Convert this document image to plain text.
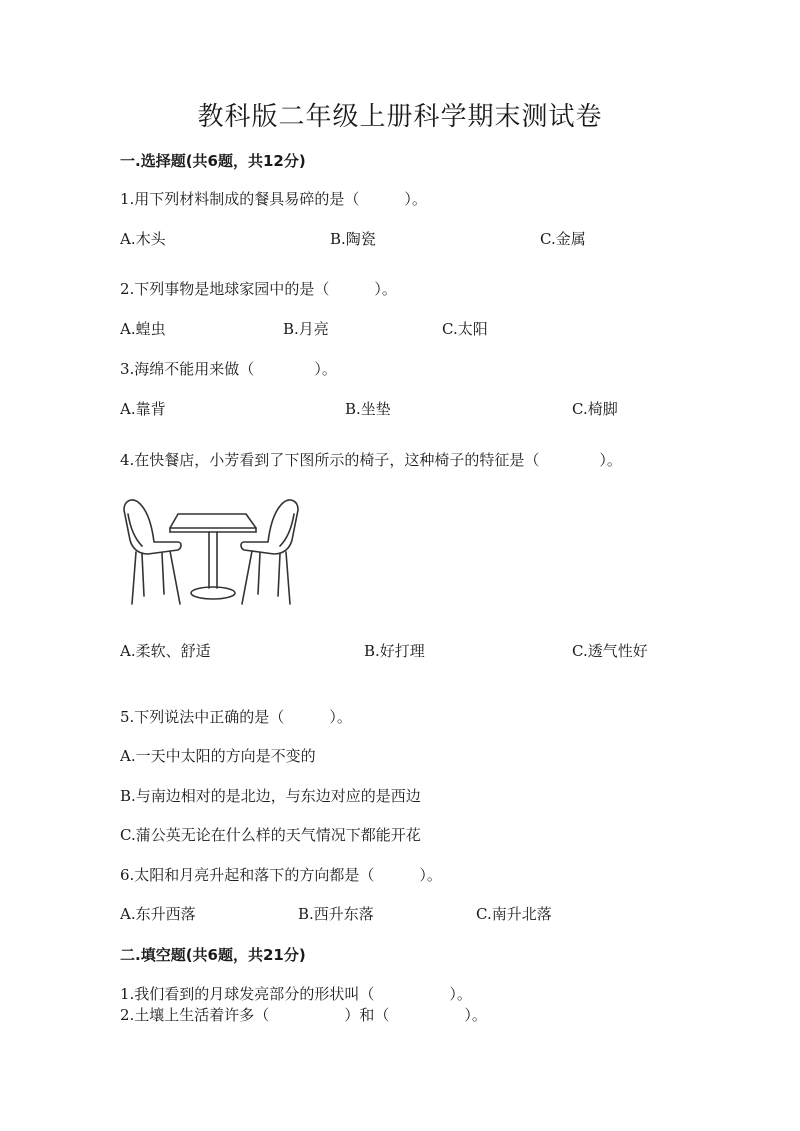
教科版二年级上册科学期末测试卷
一.选择题(共6题，共12分)
1.用下列材料制成的餐具易碎的是（　　　）。
A.木头	B.陶瓷	C.金属
2.下列事物是地球家园中的是（　　　）。
A.蝗虫	B.月亮	C.太阳
3.海绵不能用来做（　　　　）。
A.靠背	B.坐垫	C.椅脚
4.在快餐店，小芳看到了下图所示的椅子，这种椅子的特征是（　　　　）。
A.柔软、舒适	B.好打理	C.透气性好
5.下列说法中正确的是（　　　）。
A.一天中太阳的方向是不变的
B.与南边相对的是北边，与东边对应的是西边
C.蒲公英无论在什么样的天气情况下都能开花
6.太阳和月亮升起和落下的方向都是（　　　）。
A.东升西落	B.西升东落	C.南升北落
二.填空题(共6题，共21分)
1.我们看到的月球发亮部分的形状叫（　　　　　）。
2.土壤上生活着许多（　　　　　）和（　　　　　）。
